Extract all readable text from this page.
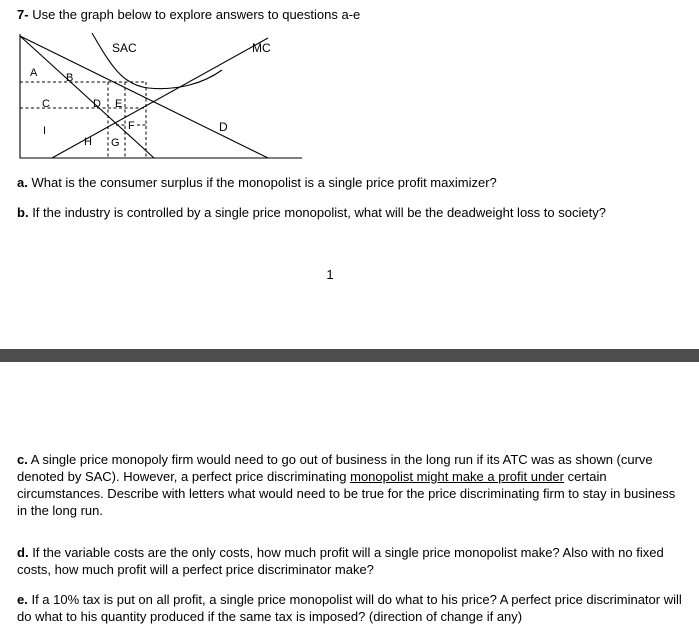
7- Use the graph below to explore answers to questions a-e

SAC	MC
D
A	B
C	D E
F
I
H G

a. What is the consumer surplus if the monopolist is a single price profit maximizer?

b. If the industry is controlled by a single price monopolist, what will be the deadweight loss to society?

1

c. A single price monopoly firm would need to go out of business in the long run if its ATC was as shown (curve denoted by SAC). However, a perfect price discriminating monopolist might make a profit under certain circumstances. Describe with letters what would need to be true for the price discriminating firm to stay in business in the long run.

d. If the variable costs are the only costs, how much profit will a single price monopolist make? Also with no fixed costs, how much profit will a perfect price discriminator make?

e. If a 10% tax is put on all profit, a single price monopolist will do what to his price? A perfect price discriminator will do what to his quantity produced if the same tax is imposed? (direction of change if any)
